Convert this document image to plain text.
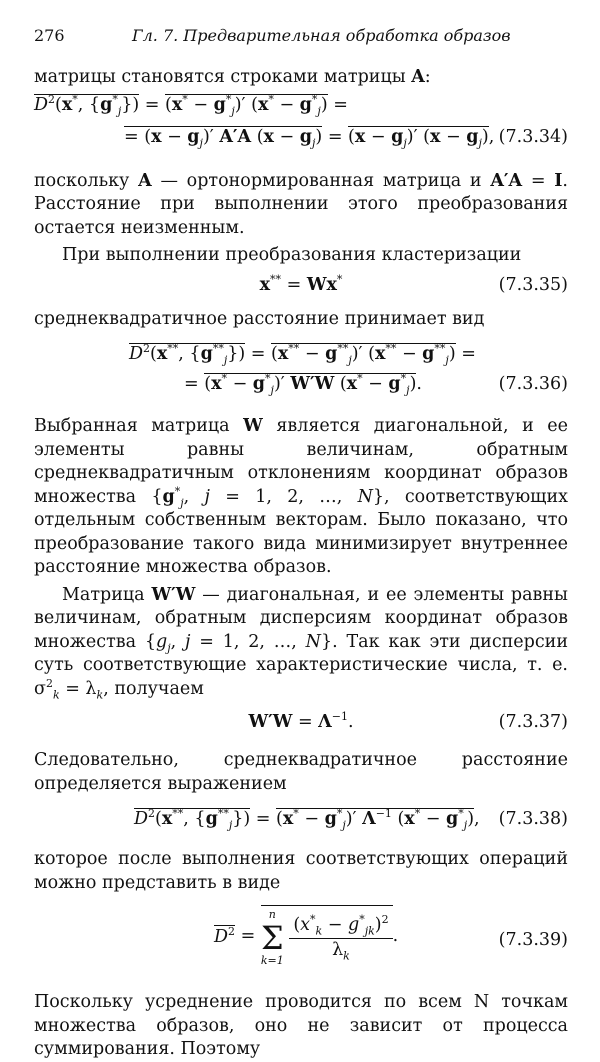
276	Гл. 7. Предварительная обработка образов

матрицы становятся строками матрицы A:

$D^2(x^*$, $\{g^*_j\}) = (x^* - g^*_j)'$ $(x^* - g^*_j)$ =
= $(x - g_j)'$ A′A $(x - g_j) = (x - g_j)'$ $(x - g_j)$, (7.3.34)

поскольку A — ортонормированная матрица и A′A = I. Расстояние при выполнении этого преобразования остается неизменным.

При выполнении преобразования кластеризации

x** = Wx*	(7.3.35)

среднеквадратичное расстояние принимает вид

$D^2(x^{**}$, $\{g^{**}_j\}) = (x^{**} - g^{**}_j)'$ $(x^{**} - g^{**}_j)$ =
= $(x^* - g^*_j)'$ W′W $(x^* - g^*_j)$.	(7.3.36)

Выбранная матрица W является диагональной, и ее элементы равны величинам, обратным среднеквадратичным отклонениям координат образов множества {$g^*_j$, j = 1, 2, …, N}, соответствующих отдельным собственным векторам. Было показано, что преобразование такого вида минимизирует внутреннее расстояние множества образов.

Матрица W′W — диагональная, и ее элементы равны величинам, обратным дисперсиям координат образов множества {$g_j$, j = 1, 2, …, N}. Так как эти дисперсии суть соответствующие характеристические числа, т. е. $\sigma^2_k = \lambda_k$, получаем

$W'W = \Lambda^{-1}$.	(7.3.37)

Следовательно, среднеквадратичное расстояние определяется выражением

$D^2(x^{**}$, $\{g^{**}_j\}) = (x^* - g^*_j)'$ $\Lambda^{-1}$ $(x^* - g^*_j)$, (7.3.38)

которое после выполнения соответствующих операций можно представить в виде

$D^2$ =
n
Σ
k=1
$\frac{(x^*_k - g^*_{jk})^2}{\lambda_k}$ .	(7.3.39)

Поскольку усреднение проводится по всем N точкам множества образов, оно не зависит от процесса суммирования. Поэтому
